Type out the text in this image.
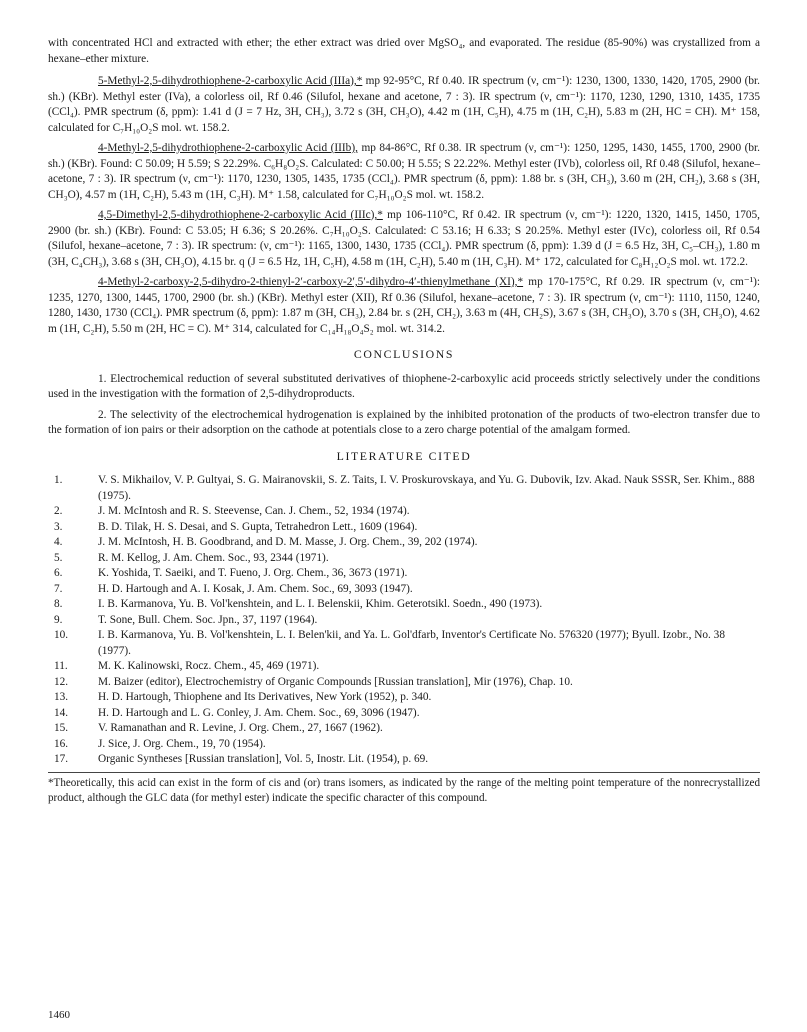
with concentrated HCl and extracted with ether; the ether extract was dried over MgSO₄, and evaporated. The residue (85-90%) was crystallized from a hexane–ether mixture.

5-Methyl-2,5-dihydrothiophene-2-carboxylic Acid (IIIa),* mp 92-95°C, Rf 0.40. IR spectrum (ν, cm⁻¹): 1230, 1300, 1330, 1420, 1705, 2900 (br. sh.) (KBr). Methyl ester (IVa), a colorless oil, Rf 0.46 (Silufol, hexane and acetone, 7 : 3). IR spectrum (ν, cm⁻¹): 1170, 1230, 1290, 1310, 1435, 1735 (CCl₄). PMR spectrum (δ, ppm): 1.41 d (J = 7 Hz, 3H, CH₃), 3.72 s (3H, CH₃O), 4.42 m (1H, C₅H), 4.75 m (1H, C₂H), 5.83 m (2H, HC = CH). M⁺ 158, calculated for C₇H₁₀O₂S mol. wt. 158.2.

4-Methyl-2,5-dihydrothiophene-2-carboxylic Acid (IIIb), mp 84-86°C, Rf 0.38. IR spectrum (ν, cm⁻¹): 1250, 1295, 1430, 1455, 1700, 2900 (br. sh.) (KBr). Found: C 50.09; H 5.59; S 22.29%. C₆H₈O₂S. Calculated: C 50.00; H 5.55; S 22.22%. Methyl ester (IVb), colorless oil, Rf 0.48 (Silufol, hexane–acetone, 7 : 3). IR spectrum (ν, cm⁻¹): 1170, 1230, 1305, 1435, 1735 (CCl₄). PMR spectrum (δ, ppm): 1.88 br. s (3H, CH₃), 3.60 m (2H, CH₂), 3.68 s (3H, CH₃O), 4.57 m (1H, C₂H), 5.43 m (1H, C₃H). M⁺ 1.58, calculated for C₇H₁₀O₂S mol. wt. 158.2.

4,5-Dimethyl-2,5-dihydrothiophene-2-carboxylic Acid (IIIc),* mp 106-110°C, Rf 0.42. IR spectrum (ν, cm⁻¹): 1220, 1320, 1415, 1450, 1705, 2900 (br. sh.) (KBr). Found: C 53.05; H 6.36; S 20.26%. C₇H₁₀O₂S. Calculated: C 53.16; H 6.33; S 20.25%. Methyl ester (IVc), colorless oil, Rf 0.54 (Silufol, hexane–acetone, 7 : 3). IR spectrum: (ν, cm⁻¹): 1165, 1300, 1430, 1735 (CCl₄). PMR spectrum (δ, ppm): 1.39 d (J = 6.5 Hz, 3H, C₅–CH₃), 1.80 m (3H, C₄CH₃), 3.68 s (3H, CH₃O), 4.15 br. q (J = 6.5 Hz, 1H, C₅H), 4.58 m (1H, C₂H), 5.40 m (1H, C₃H). M⁺ 172, calculated for C₈H₁₂O₂S mol. wt. 172.2.

4-Methyl-2-carboxy-2,5-dihydro-2-thienyl-2′-carboxy-2′,5′-dihydro-4′-thienylmethane (XI),* mp 170-175°C, Rf 0.29. IR spectrum (ν, cm⁻¹): 1235, 1270, 1300, 1445, 1700, 2900 (br. sh.) (KBr). Methyl ester (XII), Rf 0.36 (Silufol, hexane–acetone, 7 : 3). IR spectrum (ν, cm⁻¹): 1110, 1150, 1240, 1280, 1430, 1730 (CCl₄). PMR spectrum (δ, ppm): 1.87 m (3H, CH₃), 2.84 br. s (2H, CH₂), 3.63 m (4H, CH₂S), 3.67 s (3H, CH₃O), 3.70 s (3H, CH₃O), 4.62 m (1H, C₂H), 5.50 m (2H, HC = C). M⁺ 314, calculated for C₁₄H₁₈O₄S₂ mol. wt. 314.2.

CONCLUSIONS

1. Electrochemical reduction of several substituted derivatives of thiophene-2-carboxylic acid proceeds strictly selectively under the conditions used in the investigation with the formation of 2,5-dihydroproducts.

2. The selectivity of the electrochemical hydrogenation is explained by the inhibited protonation of the products of two-electron transfer due to the formation of ion pairs or their adsorption on the cathode at potentials close to a zero charge potential of the amalgam formed.

LITERATURE CITED
1.	V. S. Mikhailov, V. P. Gultyai, S. G. Mairanovskii, S. Z. Taits, I. V. Proskurovskaya, and Yu. G. Dubovik, Izv. Akad. Nauk SSSR, Ser. Khim., 888 (1975).
2.	J. M. McIntosh and R. S. Steevense, Can. J. Chem., 52, 1934 (1974).
3.	B. D. Tilak, H. S. Desai, and S. Gupta, Tetrahedron Lett., 1609 (1964).
4.	J. M. McIntosh, H. B. Goodbrand, and D. M. Masse, J. Org. Chem., 39, 202 (1974).
5.	R. M. Kellog, J. Am. Chem. Soc., 93, 2344 (1971).
6.	K. Yoshida, T. Saeiki, and T. Fueno, J. Org. Chem., 36, 3673 (1971).
7.	H. D. Hartough and A. I. Kosak, J. Am. Chem. Soc., 69, 3093 (1947).
8.	I. B. Karmanova, Yu. B. Vol'kenshtein, and L. I. Belenskii, Khim. Geterotsikl. Soedn., 490 (1973).
9.	T. Sone, Bull. Chem. Soc. Jpn., 37, 1197 (1964).
10.	I. B. Karmanova, Yu. B. Vol'kenshtein, L. I. Belen'kii, and Ya. L. Gol'dfarb, Inventor's Certificate No. 576320 (1977); Byull. Izobr., No. 38 (1977).
11.	M. K. Kalinowski, Rocz. Chem., 45, 469 (1971).
12.	M. Baizer (editor), Electrochemistry of Organic Compounds [Russian translation], Mir (1976), Chap. 10.
13.	H. D. Hartough, Thiophene and Its Derivatives, New York (1952), p. 340.
14.	H. D. Hartough and L. G. Conley, J. Am. Chem. Soc., 69, 3096 (1947).
15.	V. Ramanathan and R. Levine, J. Org. Chem., 27, 1667 (1962).
16.	J. Sice, J. Org. Chem., 19, 70 (1954).
17.	Organic Syntheses [Russian translation], Vol. 5, Inostr. Lit. (1954), p. 69.

*Theoretically, this acid can exist in the form of cis and (or) trans isomers, as indicated by the range of the melting point temperature of the nonrecrystallized product, although the GLC data (for methyl ester) indicate the specific character of this compound.

1460
